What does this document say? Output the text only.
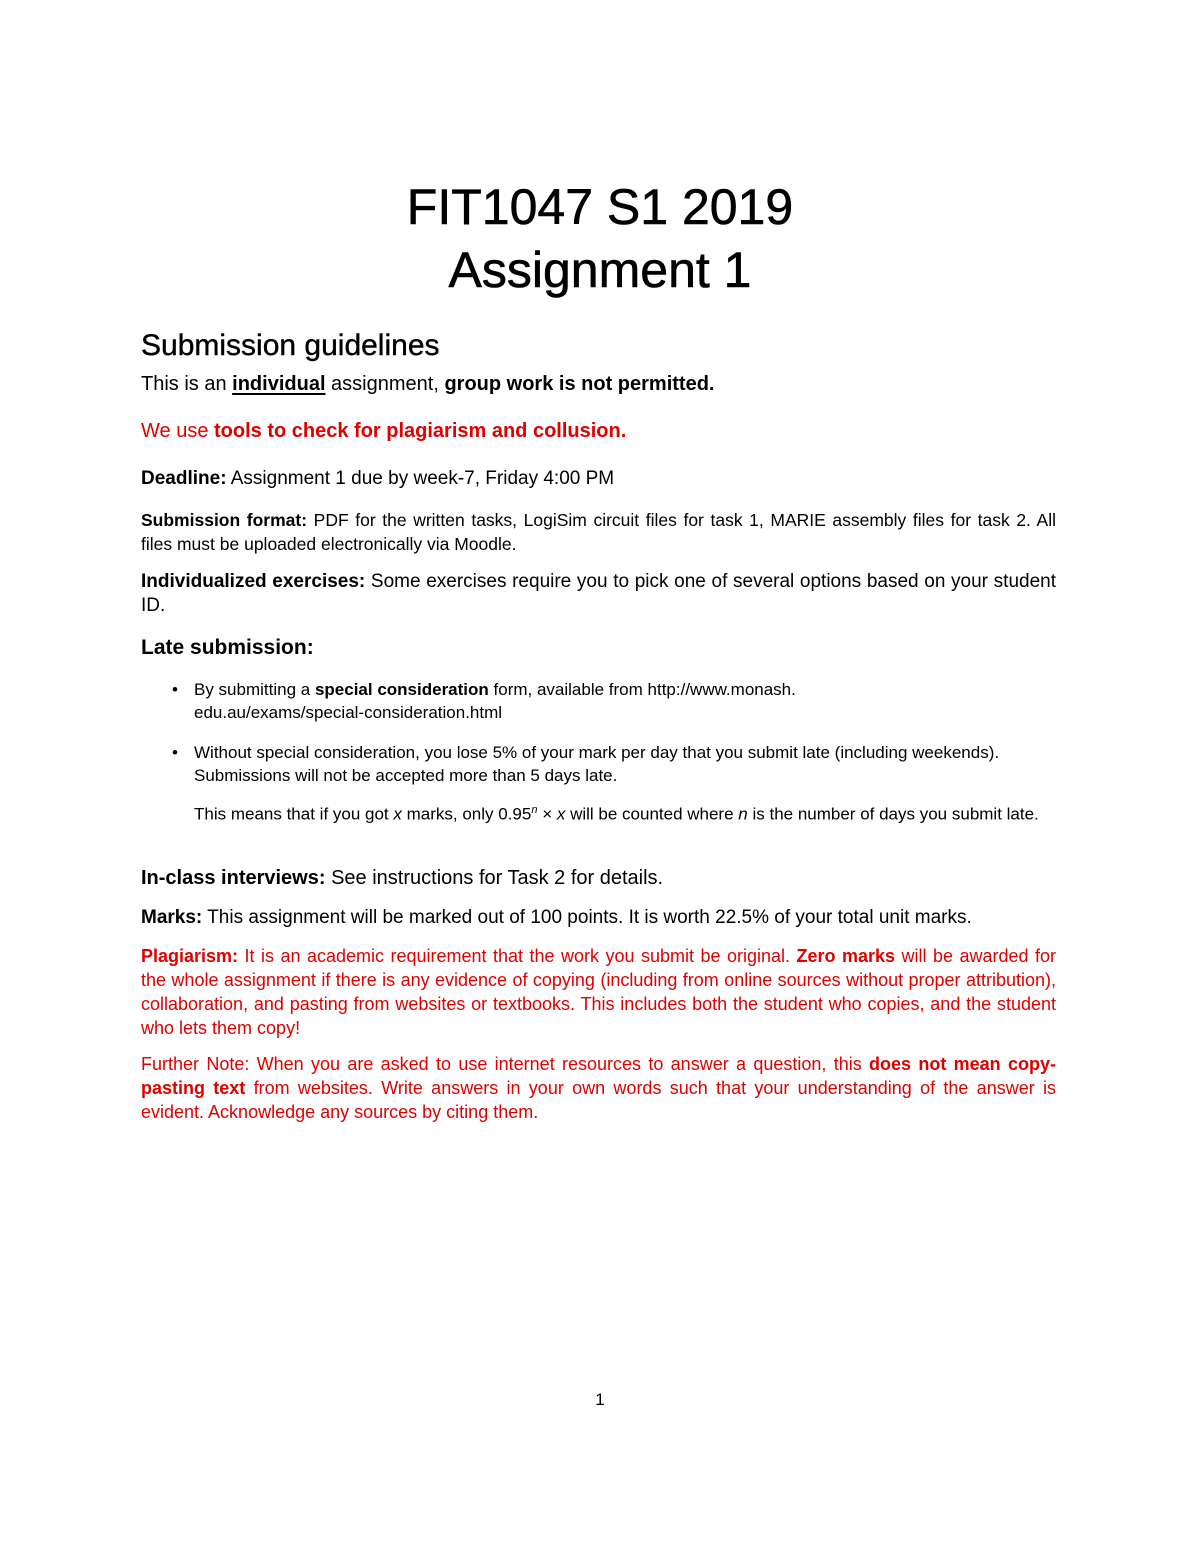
FIT1047 S1 2019
Assignment 1
Submission guidelines
This is an individual assignment, group work is not permitted.
We use tools to check for plagiarism and collusion.
Deadline: Assignment 1 due by week-7, Friday 4:00 PM
Submission format: PDF for the written tasks, LogiSim circuit files for task 1, MARIE assembly files for task 2. All files must be uploaded electronically via Moodle.
Individualized exercises: Some exercises require you to pick one of several options based on your student ID.
Late submission:
• By submitting a special consideration form, available from http://www.monash.
edu.au/exams/special-consideration.html
• Without special consideration, you lose 5% of your mark per day that you submit late (including weekends). Submissions will not be accepted more than 5 days late.
This means that if you got x marks, only $0.95^n \times x$ will be counted where n is the number of days you submit late.
In-class interviews: See instructions for Task 2 for details.
Marks: This assignment will be marked out of 100 points. It is worth 22.5% of your total unit marks.
Plagiarism: It is an academic requirement that the work you submit be original. Zero marks will be awarded for the whole assignment if there is any evidence of copying (including from online sources without proper attribution), collaboration, and pasting from websites or textbooks. This includes both the student who copies, and the student who lets them copy!
Further Note: When you are asked to use internet resources to answer a question, this does not mean copy-pasting text from websites. Write answers in your own words such that your understanding of the answer is evident. Acknowledge any sources by citing them.
1
